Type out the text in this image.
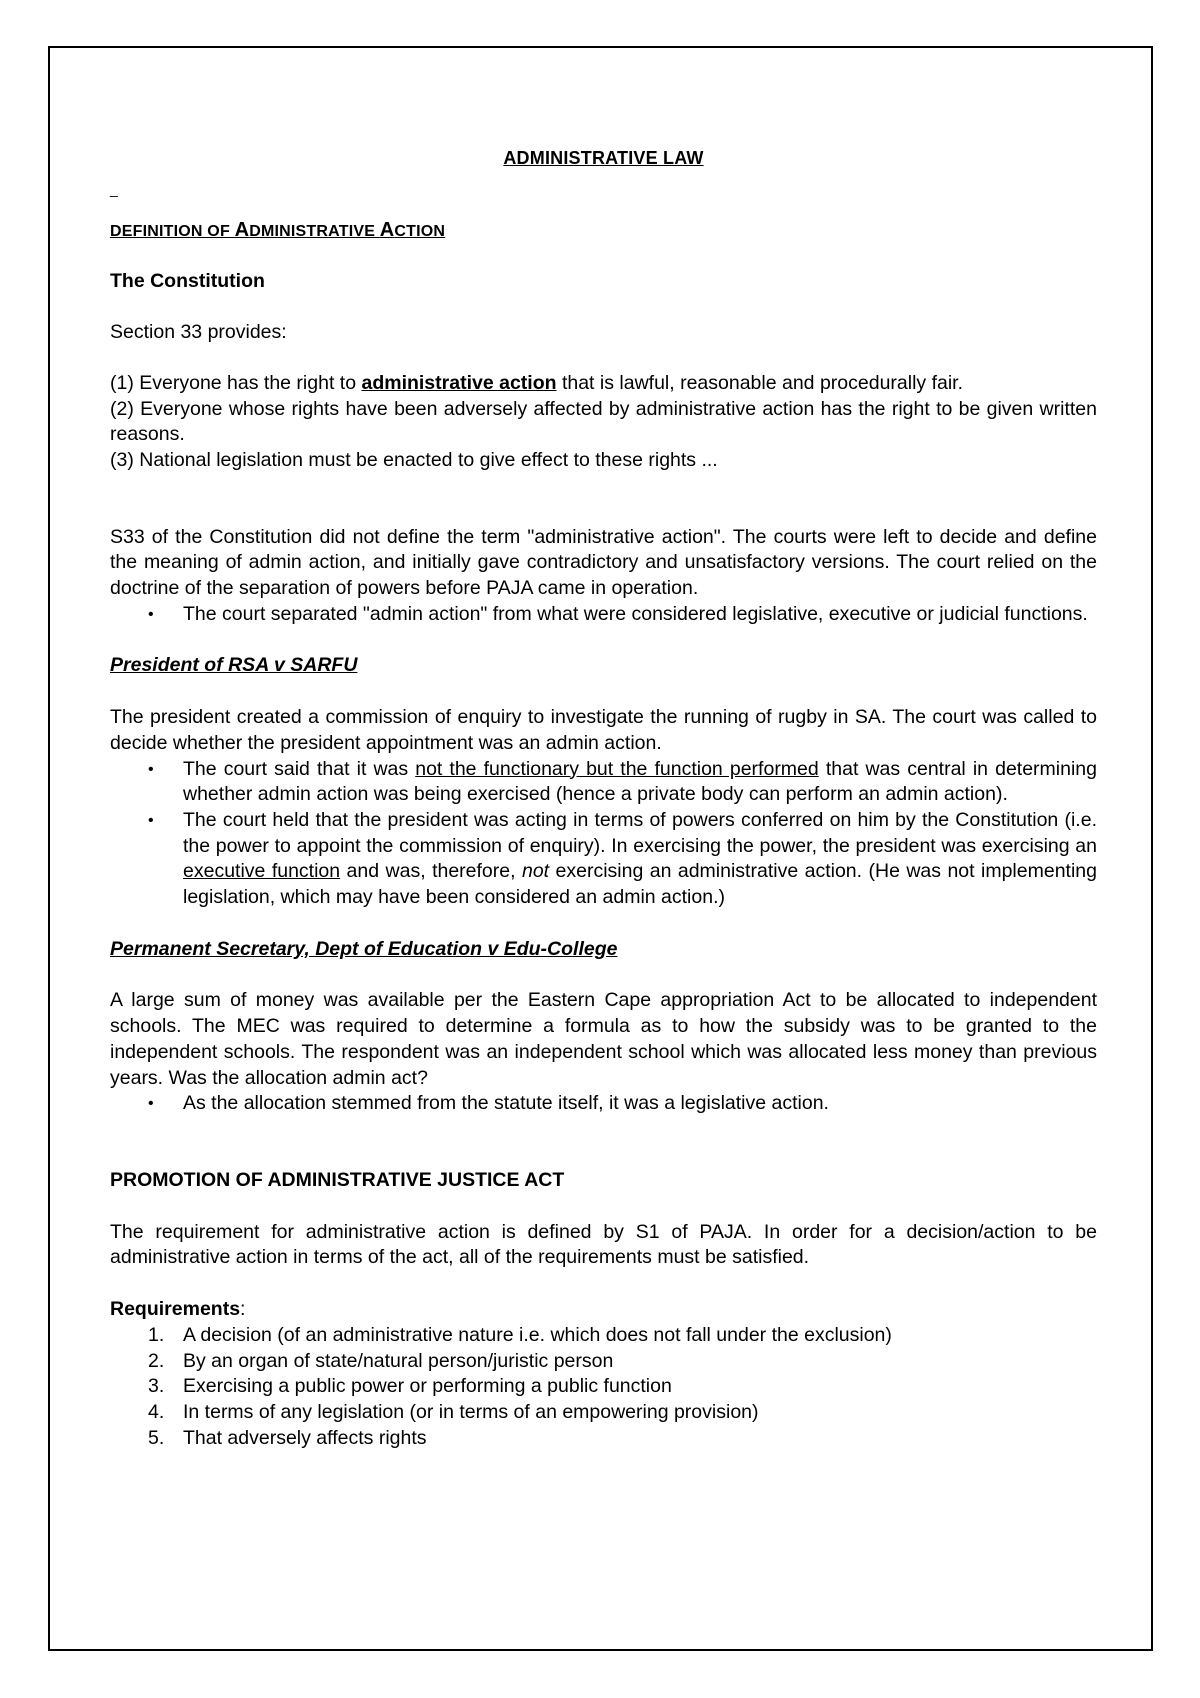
ADMINISTRATIVE LAW
_
DEFINITION OF ADMINISTRATIVE ACTION
The Constitution
Section 33 provides:

(1) Everyone has the right to administrative action that is lawful, reasonable and procedurally fair.

(2) Everyone whose rights have been adversely affected by administrative action has the right to be given written reasons.

(3) National legislation must be enacted to give effect to these rights ...

S33 of the Constitution did not define the term "administrative action". The courts were left to decide and define the meaning of admin action, and initially gave contradictory and unsatisfactory versions. The court relied on the doctrine of the separation of powers before PAJA came in operation.

• The court separated "admin action" from what were considered legislative, executive or judicial functions.
President of RSA v SARFU

The president created a commission of enquiry to investigate the running of rugby in SA. The court was called to decide whether the president appointment was an admin action.

• The court said that it was not the functionary but the function performed that was central in determining whether admin action was being exercised (hence a private body can perform an admin action).
• The court held that the president was acting in terms of powers conferred on him by the Constitution (i.e. the power to appoint the commission of enquiry). In exercising the power, the president was exercising an executive function and was, therefore, not exercising an administrative action. (He was not implementing legislation, which may have been considered an admin action.)
Permanent Secretary, Dept of Education v Edu-College

A large sum of money was available per the Eastern Cape appropriation Act to be allocated to independent schools. The MEC was required to determine a formula as to how the subsidy was to be granted to the independent schools. The respondent was an independent school which was allocated less money than previous years. Was the allocation admin act?

• As the allocation stemmed from the statute itself, it was a legislative action.
PROMOTION OF ADMINISTRATIVE JUSTICE ACT

The requirement for administrative action is defined by S1 of PAJA. In order for a decision/action to be administrative action in terms of the act, all of the requirements must be satisfied.

Requirements:
1. A decision (of an administrative nature i.e. which does not fall under the exclusion)
2. By an organ of state/natural person/juristic person
3. Exercising a public power or performing a public function
4. In terms of any legislation (or in terms of an empowering provision)
5. That adversely affects rights
